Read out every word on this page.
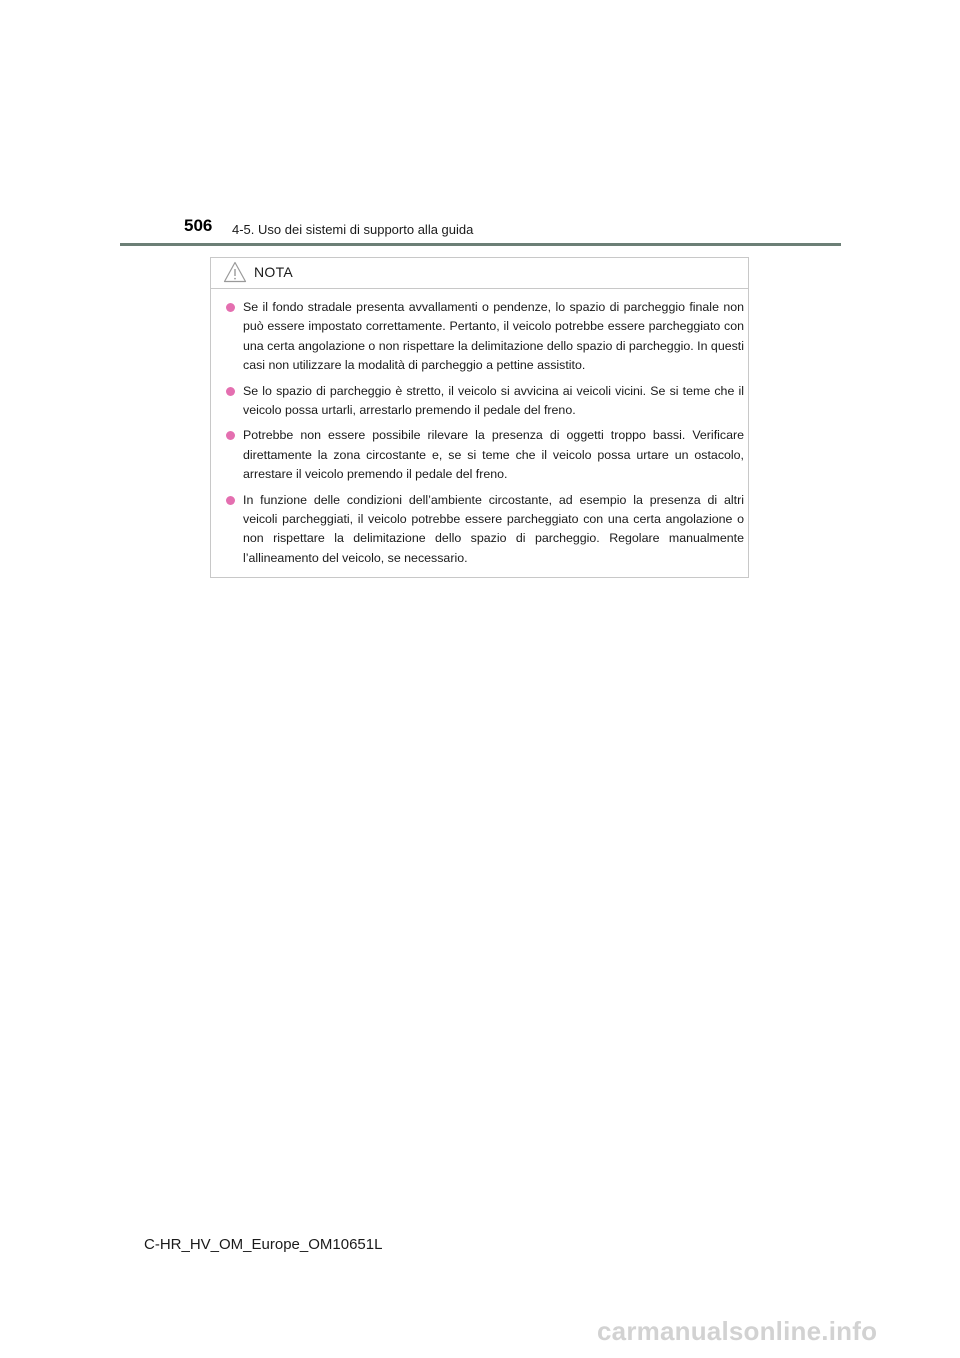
506 4-5. Uso dei sistemi di supporto alla guida
NOTA
Se il fondo stradale presenta avvallamenti o pendenze, lo spazio di parcheggio finale non può essere impostato correttamente. Pertanto, il veicolo potrebbe essere parcheggiato con una certa angolazione o non rispettare la delimitazione dello spazio di parcheggio. In questi casi non utilizzare la modalità di parcheggio a pettine assistito.
Se lo spazio di parcheggio è stretto, il veicolo si avvicina ai veicoli vicini. Se si teme che il veicolo possa urtarli, arrestarlo premendo il pedale del freno.
Potrebbe non essere possibile rilevare la presenza di oggetti troppo bassi. Verificare direttamente la zona circostante e, se si teme che il veicolo possa urtare un ostacolo, arrestare il veicolo premendo il pedale del freno.
In funzione delle condizioni dell’ambiente circostante, ad esempio la presenza di altri veicoli parcheggiati, il veicolo potrebbe essere parcheggiato con una certa angolazione o non rispettare la delimitazione dello spazio di parcheggio. Regolare manualmente l’allineamento del veicolo, se necessario.
C-HR_HV_OM_Europe_OM10651L
carmanualsonline.info
